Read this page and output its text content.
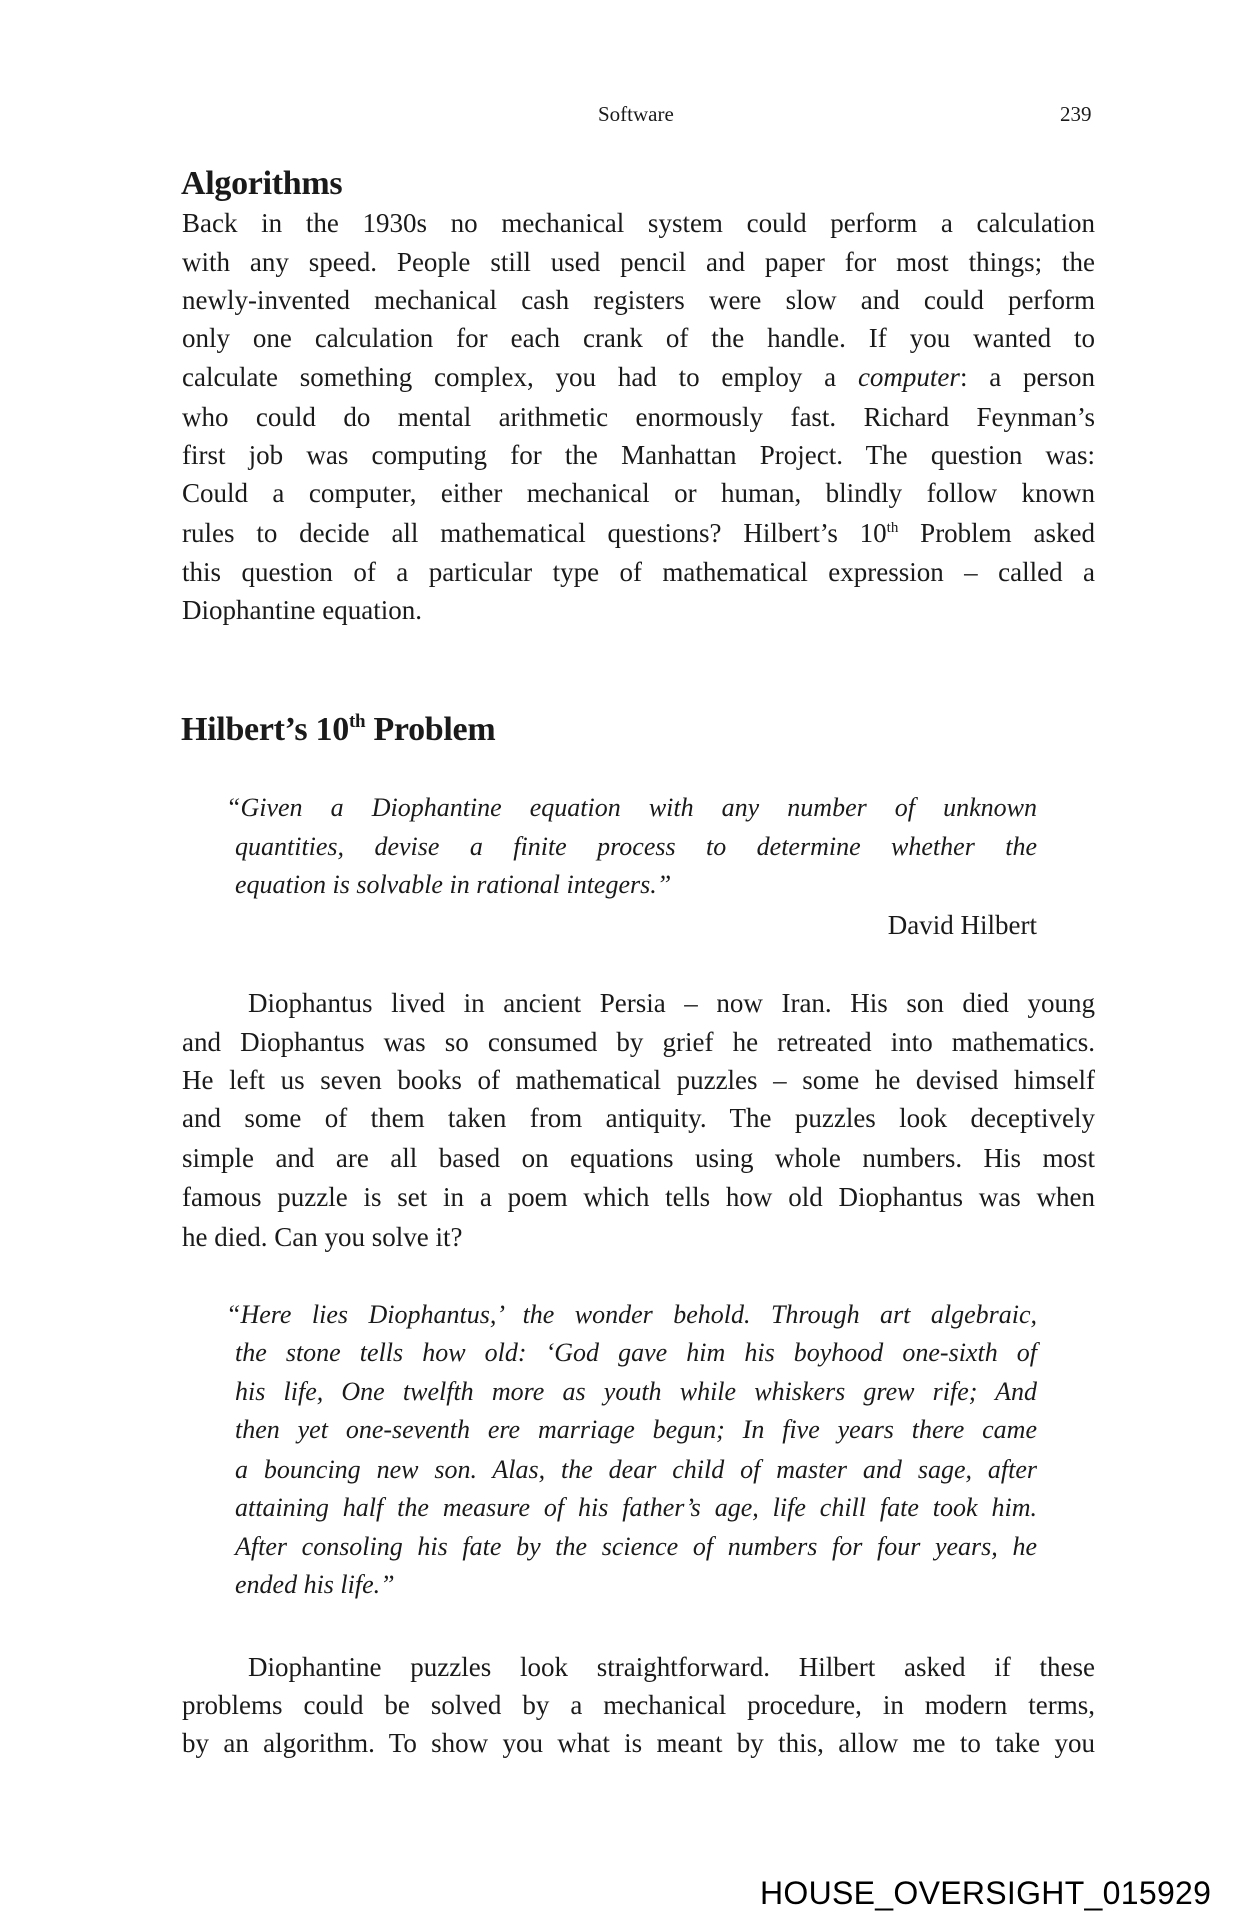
Software	239
Algorithms
Back in the 1930s no mechanical system could perform a calculation
with any speed. People still used pencil and paper for most things; the
newly-invented mechanical cash registers were slow and could perform
only one calculation for each crank of the handle. If you wanted to
calculate something complex, you had to employ a computer: a person
who could do mental arithmetic enormously fast. Richard Feynman’s
first job was computing for the Manhattan Project. The question was:
Could a computer, either mechanical or human, blindly follow known
rules to decide all mathematical questions? Hilbert’s 10th Problem asked
this question of a particular type of mathematical expression – called a
Diophantine equation.
Hilbert’s 10th Problem
“Given a Diophantine equation with any number of unknown
quantities, devise a finite process to determine whether the
equation is solvable in rational integers.”
David Hilbert
Diophantus lived in ancient Persia – now Iran. His son died young
and Diophantus was so consumed by grief he retreated into mathematics.
He left us seven books of mathematical puzzles – some he devised himself
and some of them taken from antiquity. The puzzles look deceptively
simple and are all based on equations using whole numbers. His most
famous puzzle is set in a poem which tells how old Diophantus was when
he died. Can you solve it?
“Here lies Diophantus,’ the wonder behold. Through art algebraic,
the stone tells how old: ‘God gave him his boyhood one-sixth of
his life, One twelfth more as youth while whiskers grew rife; And
then yet one-seventh ere marriage begun; In five years there came
a bouncing new son. Alas, the dear child of master and sage, after
attaining half the measure of his father’s age, life chill fate took him.
After consoling his fate by the science of numbers for four years, he
ended his life.”
Diophantine puzzles look straightforward. Hilbert asked if these
problems could be solved by a mechanical procedure, in modern terms,
by an algorithm. To show you what is meant by this, allow me to take you
HOUSE_OVERSIGHT_015929
